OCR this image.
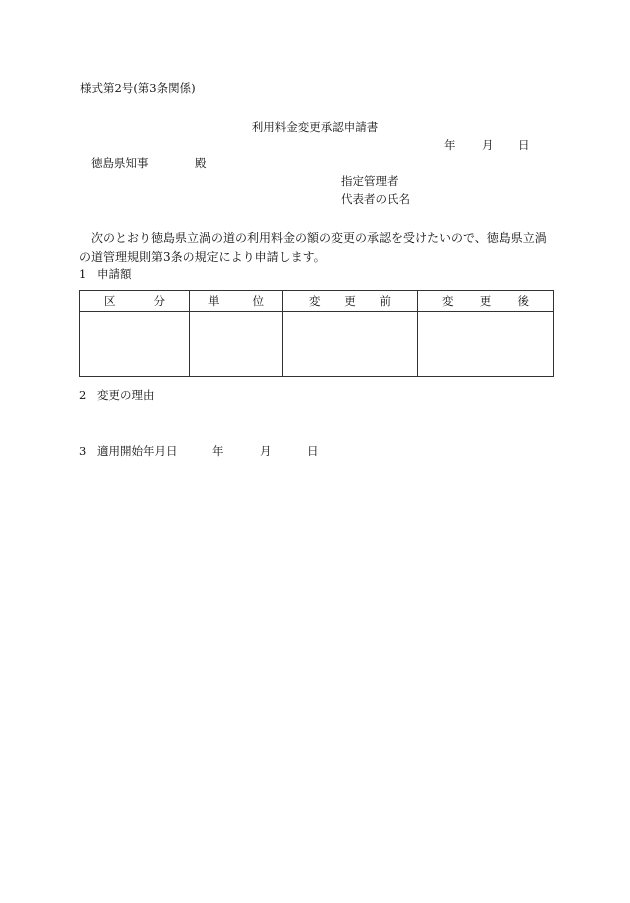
様式第2号(第3条関係)
利用料金変更承認申請書
年 月 日
徳島県知事	殿
指定管理者
代表者の氏名
次のとおり徳島県立渦の道の利用料金の額の変更の承認を受けたいので、徳島県立渦の道管理規則第3条の規定により申請します。
1 申請額
区 分	単 位	変 更 前	変 更 後

2 変更の理由
3 適用開始年月日	年	月	日
